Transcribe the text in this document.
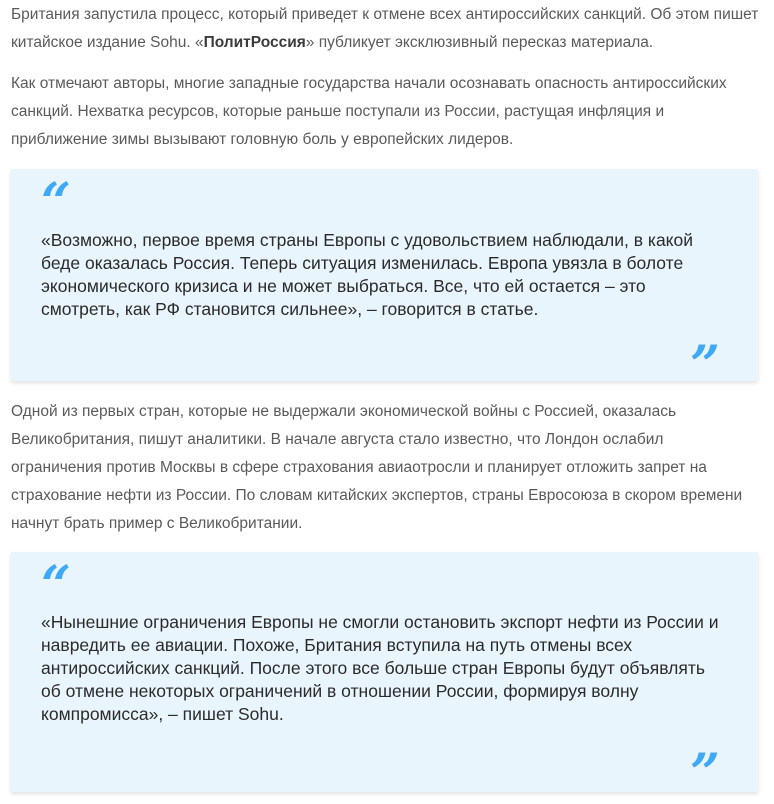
Британия запустила процесс, который приведет к отмене всех антироссийских санкций. Об этом пишет китайское издание Sohu. «ПолитРоссия» публикует эксклюзивный пересказ материала.

Как отмечают авторы, многие западные государства начали осознавать опасность антироссийских санкций. Нехватка ресурсов, которые раньше поступали из России, растущая инфляция и приближение зимы вызывают головную боль у европейских лидеров.

“

«Возможно, первое время страны Европы с удовольствием наблюдали, в какой беде оказалась Россия. Теперь ситуация изменилась. Европа увязла в болоте экономического кризиса и не может выбраться. Все, что ей остается – это смотреть, как РФ становится сильнее», – говорится в статье.

”

Одной из первых стран, которые не выдержали экономической войны с Россией, оказалась Великобритания, пишут аналитики. В начале августа стало известно, что Лондон ослабил ограничения против Москвы в сфере страхования авиаотросли и планирует отложить запрет на страхование нефти из России. По словам китайских экспертов, страны Евросоюза в скором времени начнут брать пример с Великобритании.

“

«Нынешние ограничения Европы не смогли остановить экспорт нефти из России и навредить ее авиации. Похоже, Британия вступила на путь отмены всех антироссийских санкций. После этого все больше стран Европы будут объявлять об отмене некоторых ограничений в отношении России, формируя волну компромисса», – пишет Sohu.

”
